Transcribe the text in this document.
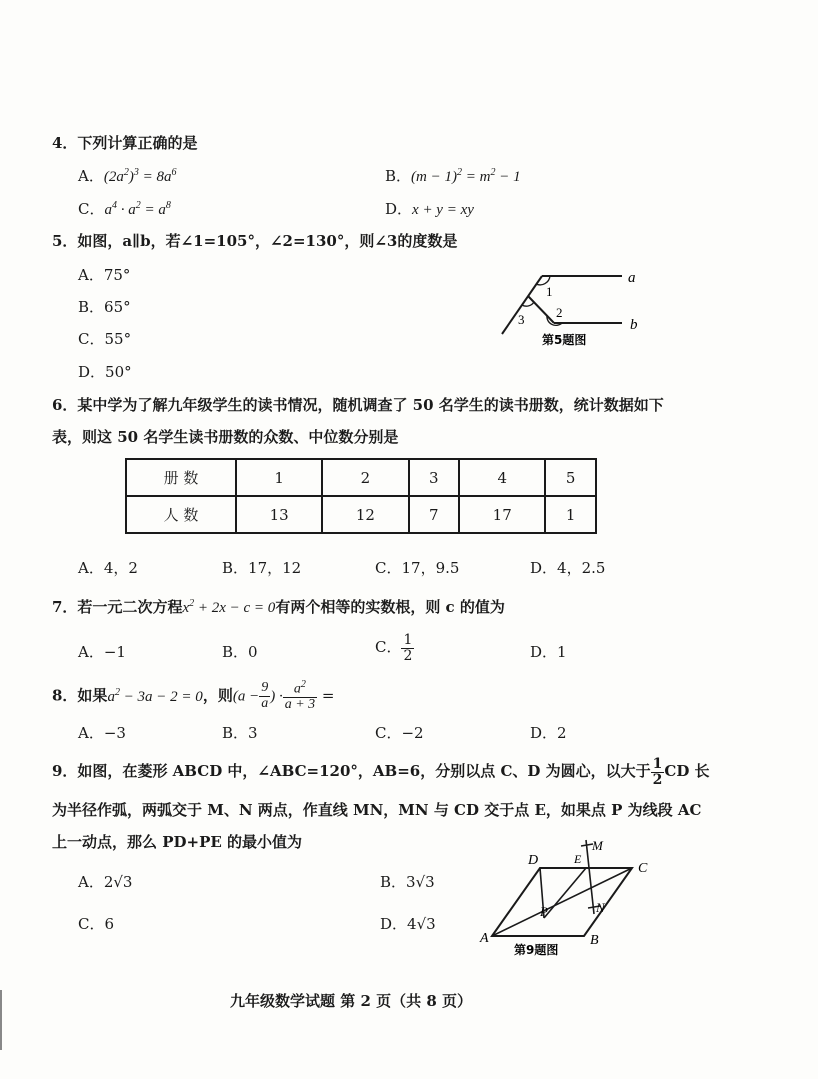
4．下列计算正确的是
A．$(2a^2)^3 = 8a^6$	B．$(m - 1)^2 = m^2 - 1$
C．$a^4 \cdot a^2 = a^8$	D．x + y = xy
5．如图，a∥b，若∠1=105°，∠2=130°，则∠3的度数是
A．75°
B．65°
C．55°
D．50°
a
b
1
2
3
第5题图
6．某中学为了解九年级学生的读书情况，随机调查了 50 名学生的读书册数，统计数据如下
表，则这 50 名学生读书册数的众数、中位数分别是
册 数	1	2	3	4	5
人 数	13	12	7	17	1
A．4，2	B．17，12	C．17，9.5	D．4，2.5
7．若一元二次方程$x^2 + 2x - c = 0$有两个相等的实数根，则 c 的值为
A．−1	B．0	C． $\frac{1}{2}$	D．1
8．如果$a^2 - 3a - 2 = 0$，则($a - \frac{9}{a}$ ) · $\frac{a^2}{a + 3}$ =
A．−3	B．3	C．−2	D．2
9．如图，在菱形 ABCD 中，∠ABC=120°，AB=6，分别以点 C、D 为圆心，以大于 $\frac{1}{2}$ CD 长
为半径作弧，两弧交于 M、N 两点，作直线 MN，MN 与 CD 交于点 E，如果点 P 为线段 AC
上一动点，那么 PD+PE 的最小值为
A．2√3	B．3√3
C．6	D．4√3
A	B
C
D	E
M
N
P
第9题图
九年级数学试题 第 2 页（共 8 页）
